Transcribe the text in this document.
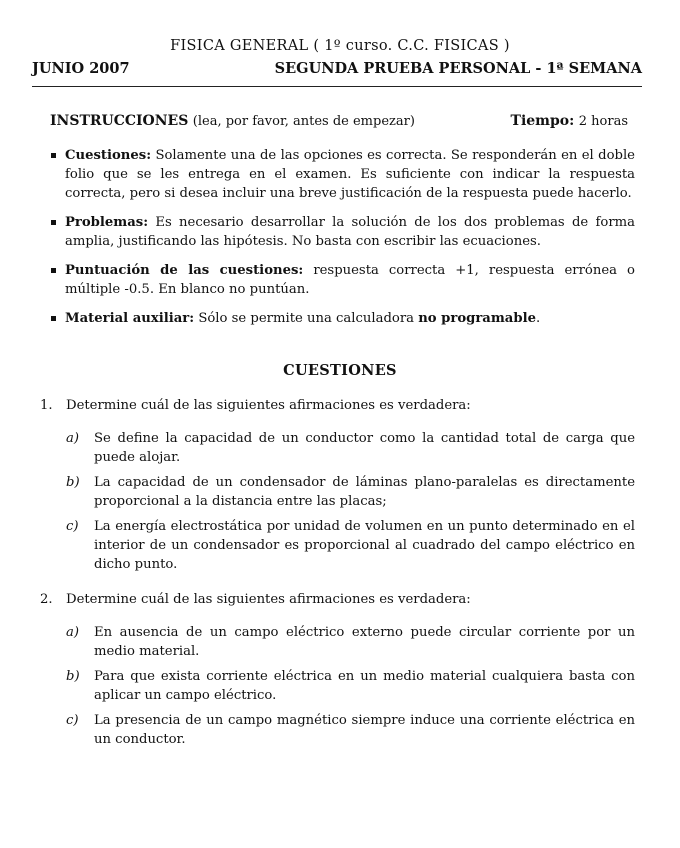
FISICA GENERAL ( 1º curso. C.C. FISICAS )
JUNIO 2007	SEGUNDA PRUEBA PERSONAL - 1ª SEMANA
INSTRUCCIONES (lea, por favor, antes de empezar)	Tiempo: 2 horas
Cuestiones: Solamente una de las opciones es correcta. Se responderán en el doble folio que se les entrega en el examen. Es suficiente con indicar la respuesta correcta, pero si desea incluir una breve justificación de la respuesta puede hacerlo.
Problemas: Es necesario desarrollar la solución de los dos problemas de forma amplia, justificando las hipótesis. No basta con escribir las ecuaciones.
Puntuación de las cuestiones: respuesta correcta +1, respuesta errónea o múltiple -0.5. En blanco no puntúan.
Material auxiliar: Sólo se permite una calculadora no programable.
CUESTIONES
1.	Determine cuál de las siguientes afirmaciones es verdadera:
a)	Se define la capacidad de un conductor como la cantidad total de carga que puede alojar.
b)	La capacidad de un condensador de láminas plano-paralelas es directamente proporcional a la distancia entre las placas;
c)	La energía electrostática por unidad de volumen en un punto determinado en el interior de un condensador es proporcional al cuadrado del campo eléctrico en dicho punto.
2.	Determine cuál de las siguientes afirmaciones es verdadera:
a)	En ausencia de un campo eléctrico externo puede circular corriente por un medio material.
b)	Para que exista corriente eléctrica en un medio material cualquiera basta con aplicar un campo eléctrico.
c)	La presencia de un campo magnético siempre induce una corriente eléctrica en un conductor.
